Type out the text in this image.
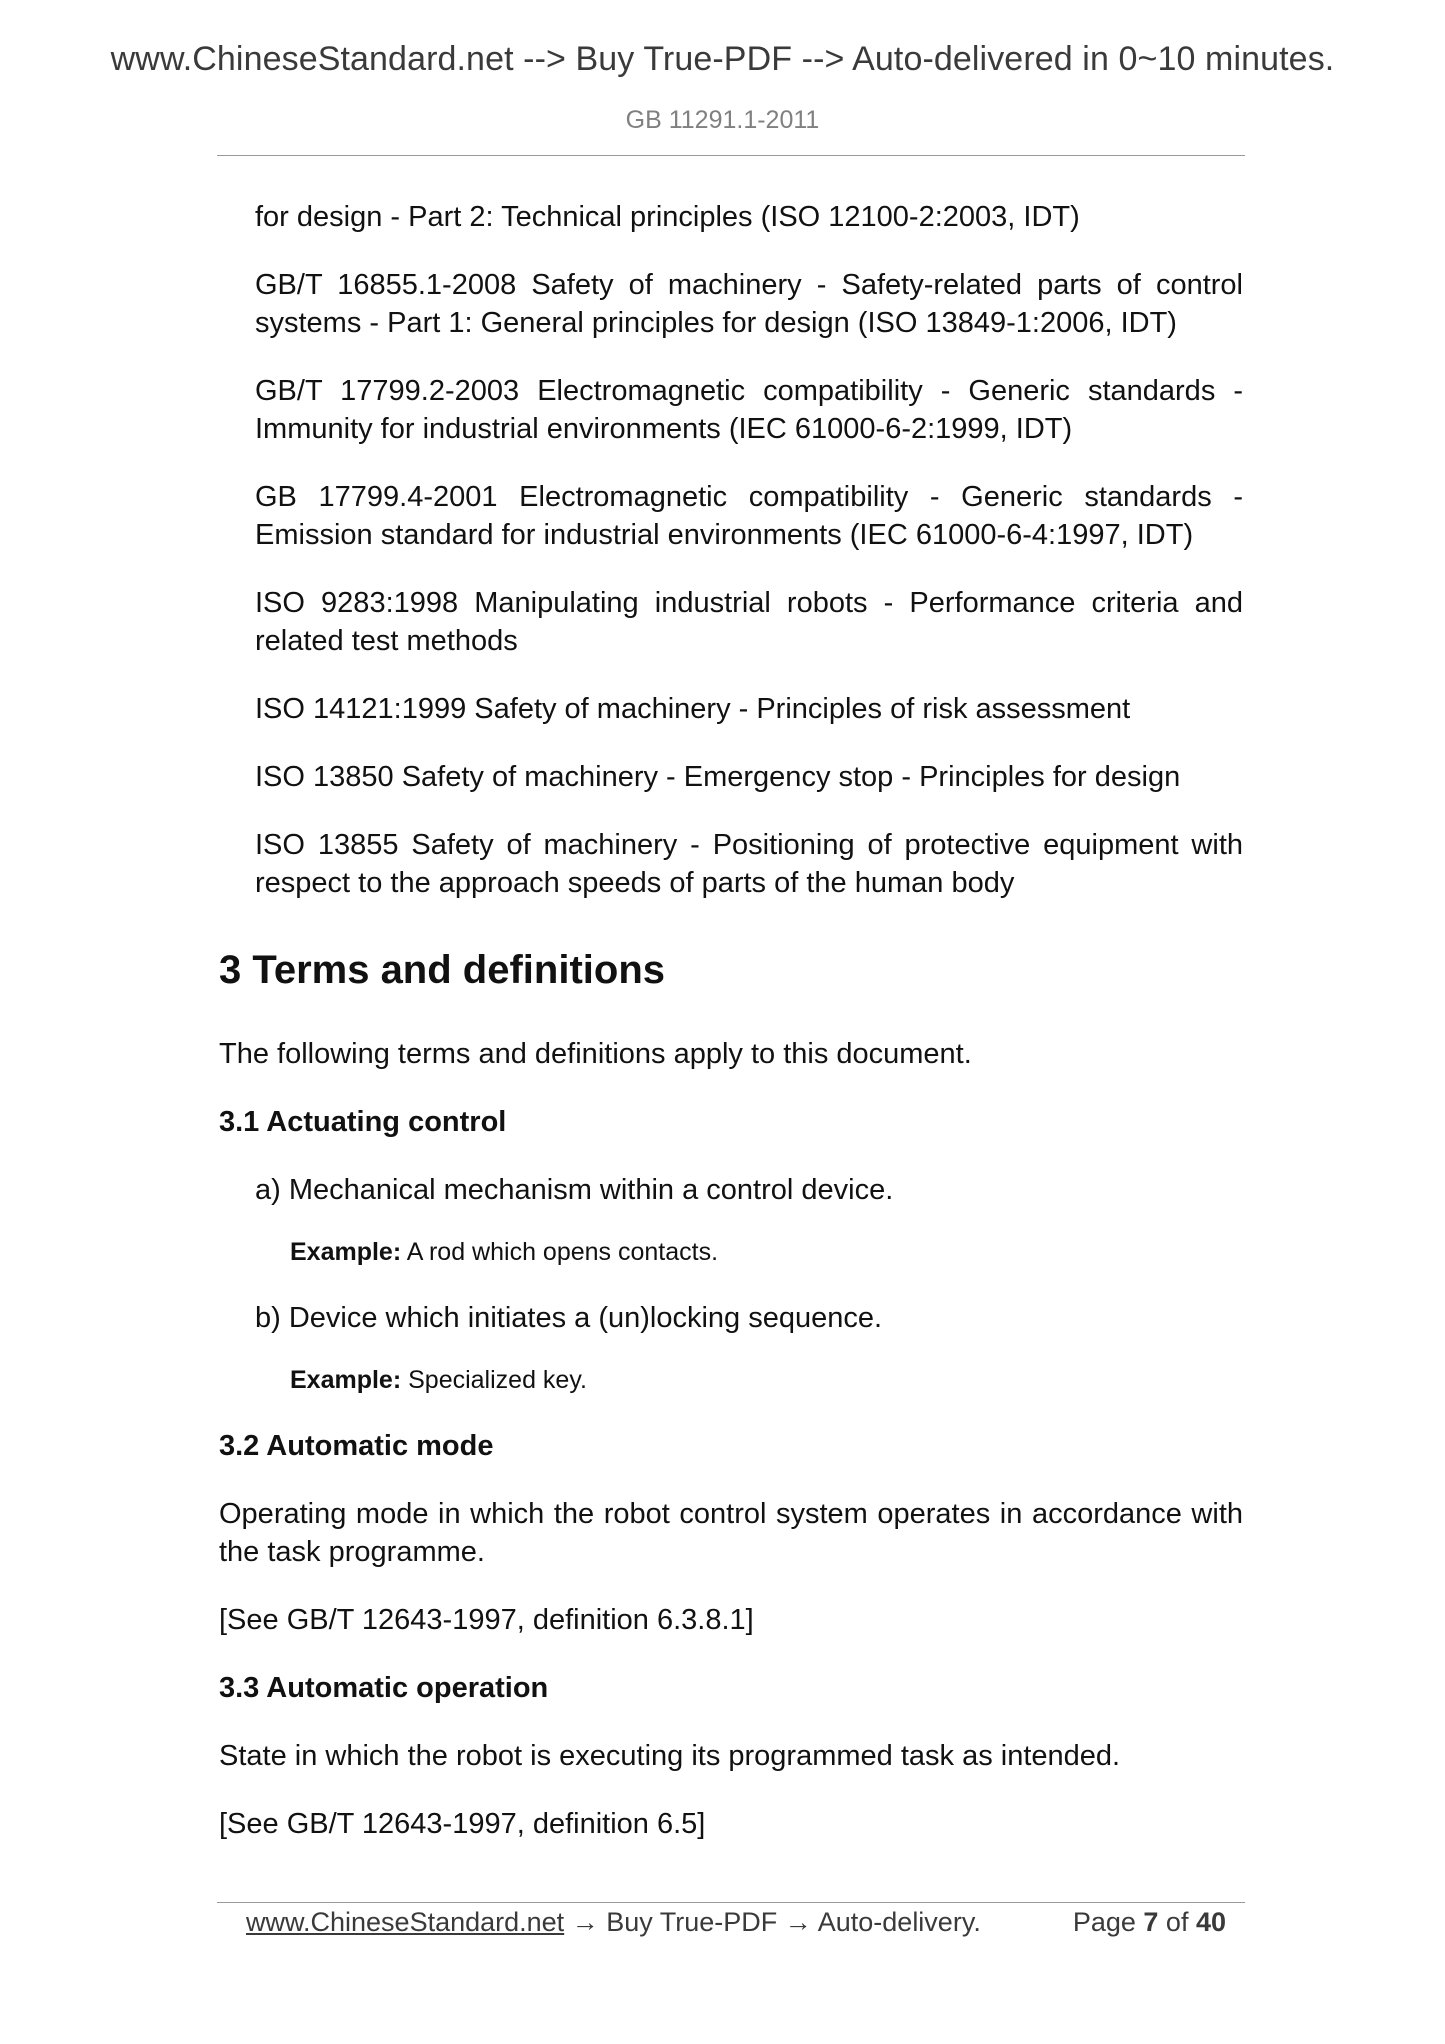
www.ChineseStandard.net --> Buy True-PDF --> Auto-delivered in 0~10 minutes.
GB 11291.1-2011
for design - Part 2: Technical principles (ISO 12100-2:2003, IDT)
GB/T 16855.1-2008 Safety of machinery - Safety-related parts of control systems - Part 1: General principles for design (ISO 13849-1:2006, IDT)
GB/T 17799.2-2003 Electromagnetic compatibility - Generic standards - Immunity for industrial environments (IEC 61000-6-2:1999, IDT)
GB 17799.4-2001 Electromagnetic compatibility - Generic standards - Emission standard for industrial environments (IEC 61000-6-4:1997, IDT)
ISO 9283:1998 Manipulating industrial robots - Performance criteria and related test methods
ISO 14121:1999 Safety of machinery - Principles of risk assessment
ISO 13850 Safety of machinery - Emergency stop - Principles for design
ISO 13855 Safety of machinery - Positioning of protective equipment with respect to the approach speeds of parts of the human body
3 Terms and definitions
The following terms and definitions apply to this document.
3.1 Actuating control
a) Mechanical mechanism within a control device.
Example: A rod which opens contacts.
b) Device which initiates a (un)locking sequence.
Example: Specialized key.
3.2 Automatic mode
Operating mode in which the robot control system operates in accordance with the task programme.
[See GB/T 12643-1997, definition 6.3.8.1]
3.3 Automatic operation
State in which the robot is executing its programmed task as intended.
[See GB/T 12643-1997, definition 6.5]
www.ChineseStandard.net → Buy True-PDF → Auto-delivery.	Page 7 of 40
